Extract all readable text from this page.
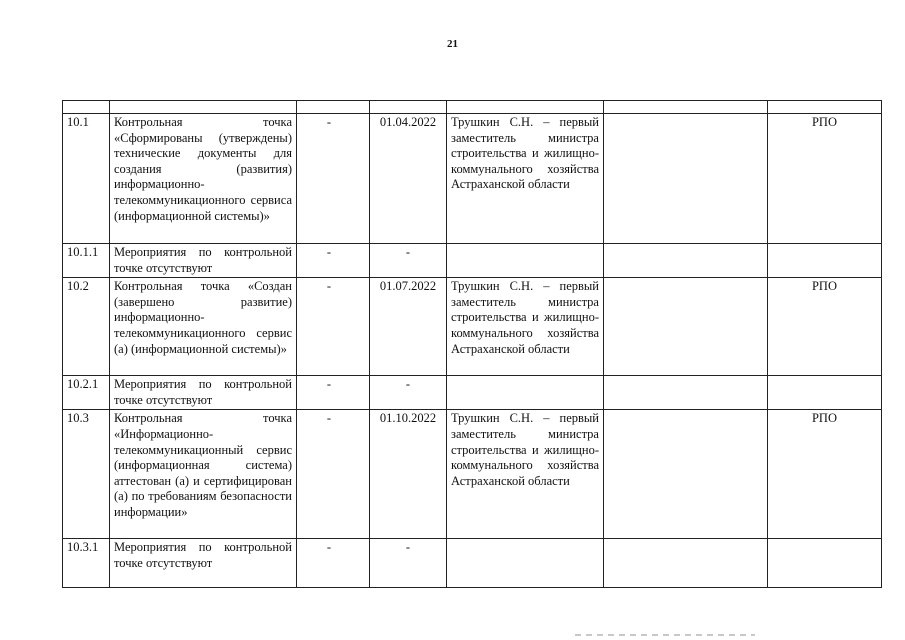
21

10.1	Контрольная точка «Сформированы (утверждены) технические документы для создания (развития) информационно-телекоммуникационного сервиса (информационной системы)»	-	01.04.2022	Трушкин С.Н. – первый заместитель министра строительства и жилищно-коммунального хозяйства Астраханской области		РПО
10.1.1	Мероприятия по контрольной точке отсутствуют	-	-			
10.2	Контрольная точка «Создан (завершено развитие) информационно-телекоммуникационного сервис (а) (информационной системы)»	-	01.07.2022	Трушкин С.Н. – первый заместитель министра строительства и жилищно-коммунального хозяйства Астраханской области		РПО
10.2.1	Мероприятия по контрольной точке отсутствуют	-	-			
10.3	Контрольная точка «Информационно-телекоммуникационный сервис (информационная система) аттестован (а) и сертифицирован (а) по требованиям безопасности информации»	-	01.10.2022	Трушкин С.Н. – первый заместитель министра строительства и жилищно-коммунального хозяйства Астраханской области		РПО
10.3.1	Мероприятия по контрольной точке отсутствуют	-	-			
